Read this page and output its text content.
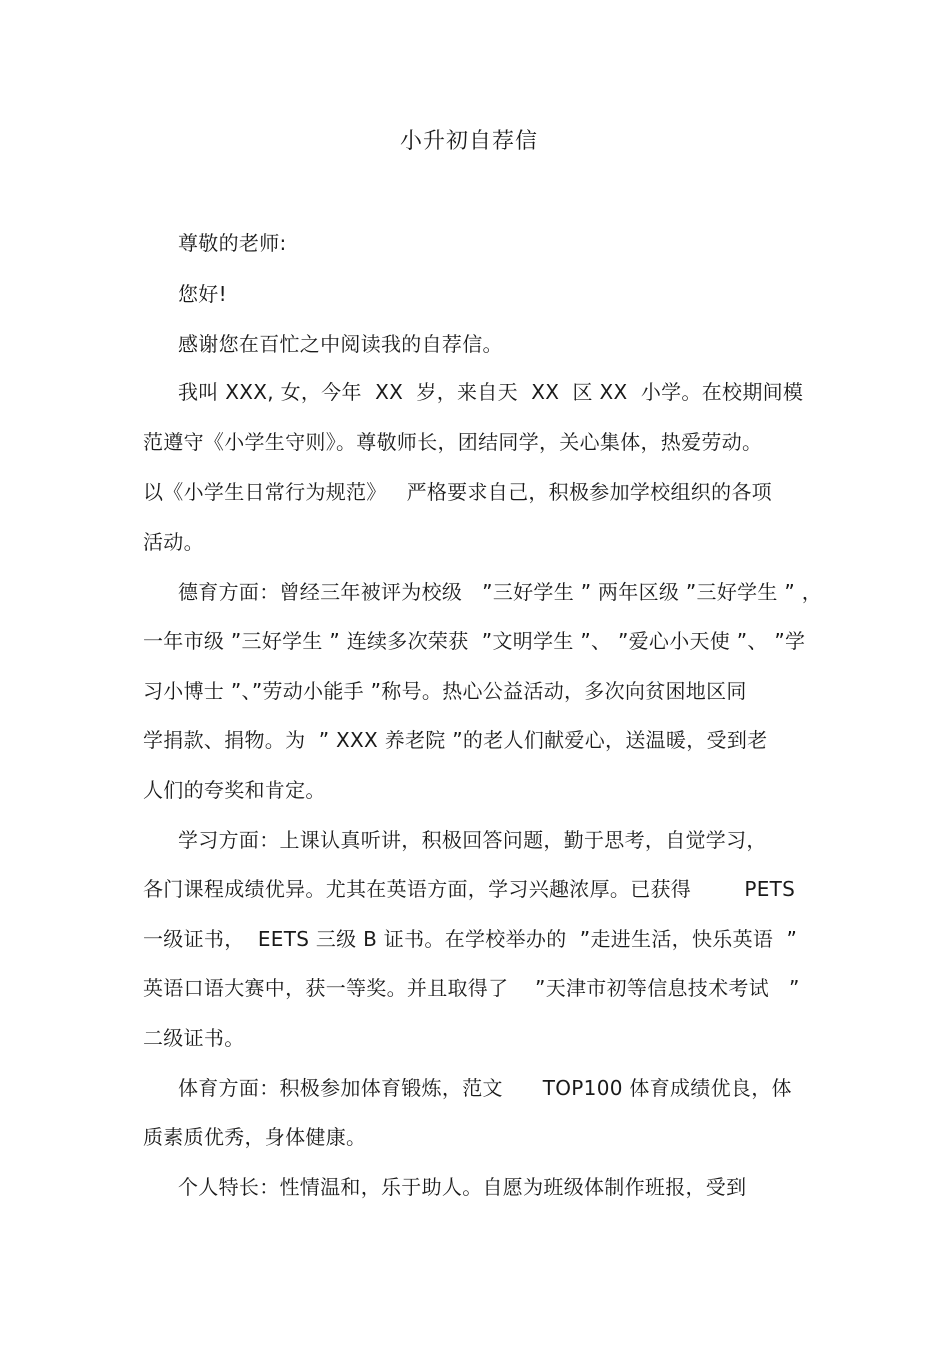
小升初自荐信
尊敬的老师:
您好!
感谢您在百忙之中阅读我的自荐信。
我叫 XXX, 女，今年  XX  岁，来自天  XX  区 XX  小学。在校期间模
范遵守《小学生守则》。尊敬师长，团结同学，关心集体，热爱劳动。
以《小学生日常行为规范》   严格要求自己，积极参加学校组织的各项
活动。
德育方面：曾经三年被评为校级   ”三好学生 ” 两年区级 ”三好学生 ” ，
一年市级 ”三好学生 ” 连续多次荣获  ”文明学生 ”、 ”爱心小天使 ”、 ”学
习小博士 ”、”劳动小能手 ”称号。热心公益活动，多次向贫困地区同
学捐款、捐物。为  ” XXX 养老院 ”的老人们献爱心，送温暖，受到老
人们的夸奖和肯定。
学习方面：上课认真听讲，积极回答问题，勤于思考，自觉学习，
各门课程成绩优异。尤其在英语方面，学习兴趣浓厚。已获得        PETS
一级证书，  EETS 三级 B 证书。在学校举办的  ”走进生活，快乐英语  ”
英语口语大赛中，获一等奖。并且取得了    ”天津市初等信息技术考试   ”
二级证书。
体育方面：积极参加体育锻炼，范文      TOP100 体育成绩优良，体
质素质优秀，身体健康。
个人特长：性情温和，乐于助人。自愿为班级体制作班报，受到
